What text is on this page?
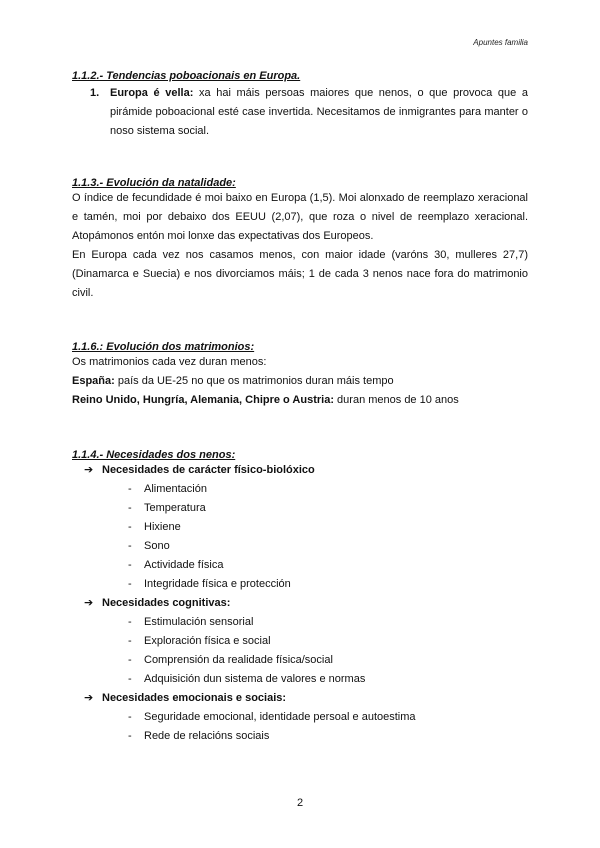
Apuntes familia

1.1.2.- Tendencias poboacionais en Europa.

1. Europa é vella: xa hai máis persoas maiores que nenos, o que provoca que a pirámide poboacional esté case invertida. Necesitamos de inmigrantes para manter o noso sistema social.

1.1.3.- Evolución da natalidade:

O índice de fecundidade é moi baixo en Europa (1,5). Moi alonxado de reemplazo xeracional e tamén, moi por debaixo dos EEUU (2,07), que roza o nivel de reemplazo xeracional. Atopámonos entón moi lonxe das expectativas dos Europeos.

En Europa cada vez nos casamos menos, con maior idade (varóns 30, mulleres 27,7) (Dinamarca e Suecia) e nos divorciamos máis; 1 de cada 3 nenos nace fora do matrimonio civil.

1.1.6.: Evolución dos matrimonios:

Os matrimonios cada vez duran menos:

España: país da UE-25 no que os matrimonios duran máis tempo

Reino Unido, Hungría, Alemania, Chipre o Austria: duran menos de 10 anos

1.1.4.- Necesidades dos nenos:

➔ Necesidades de carácter físico-biolóxico
- Alimentación
- Temperatura
- Hixiene
- Sono
- Actividade física
- Integridade física e protección
➔ Necesidades cognitivas:
- Estimulación sensorial
- Exploración física e social
- Comprensión da realidade física/social
- Adquisición dun sistema de valores e normas
➔ Necesidades emocionais e sociais:
- Seguridade emocional, identidade persoal e autoestima
- Rede de relacións sociais
2
